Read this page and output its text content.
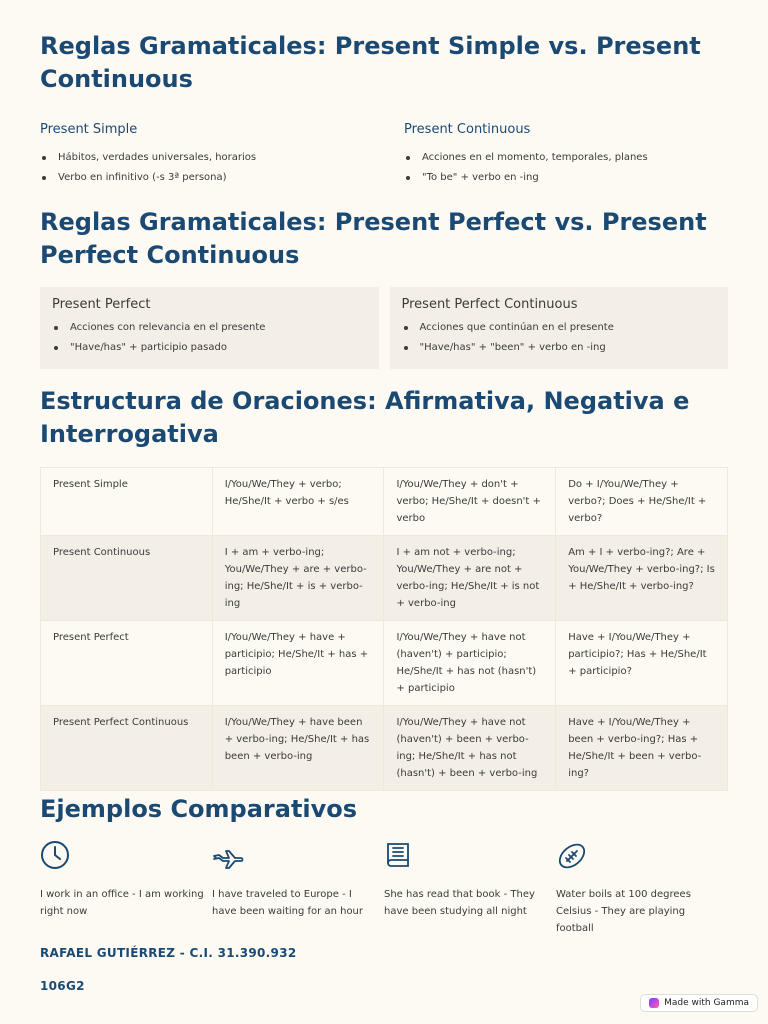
Reglas Gramaticales: Present Simple vs. Present Continuous
Present Simple
Hábitos, verdades universales, horarios
Verbo en infinitivo (-s 3ª persona)
Present Continuous
Acciones en el momento, temporales, planes
"To be" + verbo en -ing
Reglas Gramaticales: Present Perfect vs. Present Perfect Continuous
Present Perfect
Acciones con relevancia en el presente
"Have/has" + participio pasado
Present Perfect Continuous
Acciones que continúan en el presente
"Have/has" + "been" + verbo en -ing
Estructura de Oraciones: Afirmativa, Negativa e Interrogativa
Present Simple	I/You/We/They + verbo; He/She/It + verbo + s/es	I/You/We/They + don't + verbo; He/She/It + doesn't + verbo	Do + I/You/We/They + verbo?; Does + He/She/It + verbo?
Present Continuous	I + am + verbo-ing; You/We/They + are + verbo-ing; He/She/It + is + verbo-ing	I + am not + verbo-ing; You/We/They + are not + verbo-ing; He/She/It + is not + verbo-ing	Am + I + verbo-ing?; Are + You/We/They + verbo-ing?; Is + He/She/It + verbo-ing?
Present Perfect	I/You/We/They + have + participio; He/She/It + has + participio	I/You/We/They + have not (haven't) + participio; He/She/It + has not (hasn't) + participio	Have + I/You/We/They + participio?; Has + He/She/It + participio?
Present Perfect Continuous	I/You/We/They + have been + verbo-ing; He/She/It + has been + verbo-ing	I/You/We/They + have not (haven't) + been + verbo-ing; He/She/It + has not (hasn't) + been + verbo-ing	Have + I/You/We/They + been + verbo-ing?; Has + He/She/It + been + verbo-ing?
Ejemplos Comparativos

I work in an office - I am working right now

I have traveled to Europe - I have been waiting for an hour

She has read that book - They have been studying all night

Water boils at 100 degrees Celsius - They are playing football

RAFAEL GUTIÉRREZ - C.I. 31.390.932
106G2
Made with Gamma
